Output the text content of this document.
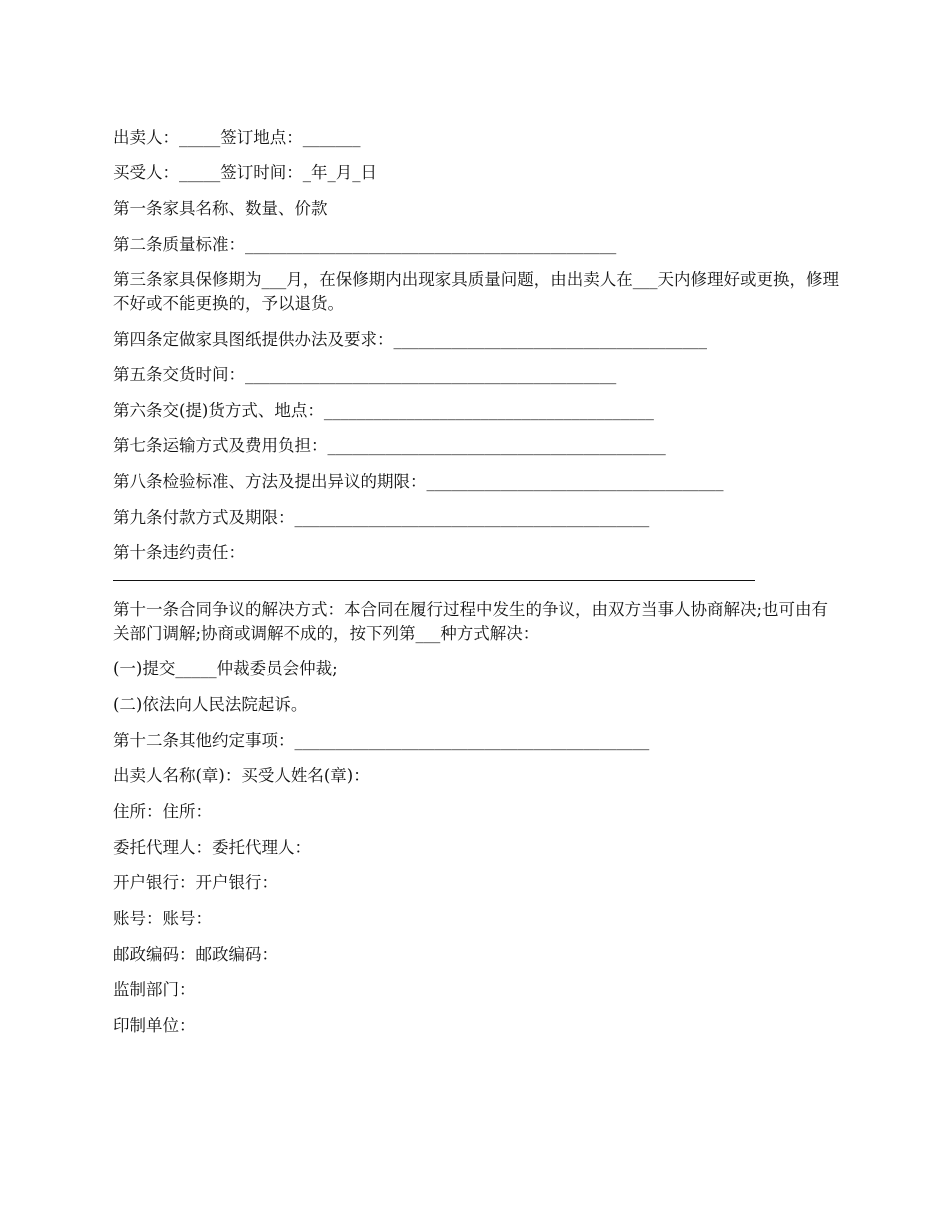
出卖人：_____签订地点：_______
买受人：_____签订时间：_年_月_日
第一条家具名称、数量、价款
第二条质量标准：_____________________________________________
第三条家具保修期为___月，在保修期内出现家具质量问题，由出卖人在___天内修理好或更换，修理不好或不能更换的，予以退货。
第四条定做家具图纸提供办法及要求：______________________________________
第五条交货时间：_____________________________________________
第六条交(提)货方式、地点：________________________________________
第七条运输方式及费用负担：_________________________________________
第八条检验标准、方法及提出异议的期限：____________________________________
第九条付款方式及期限：___________________________________________
第十条违约责任：
第十一条合同争议的解决方式：本合同在履行过程中发生的争议，由双方当事人协商解决;也可由有关部门调解;协商或调解不成的，按下列第___种方式解决：
(一)提交_____仲裁委员会仲裁;
(二)依法向人民法院起诉。
第十二条其他约定事项：___________________________________________
出卖人名称(章)：买受人姓名(章)：
住所：住所：
委托代理人：委托代理人：
开户银行：开户银行：
账号：账号：
邮政编码：邮政编码：
监制部门：
印制单位：
